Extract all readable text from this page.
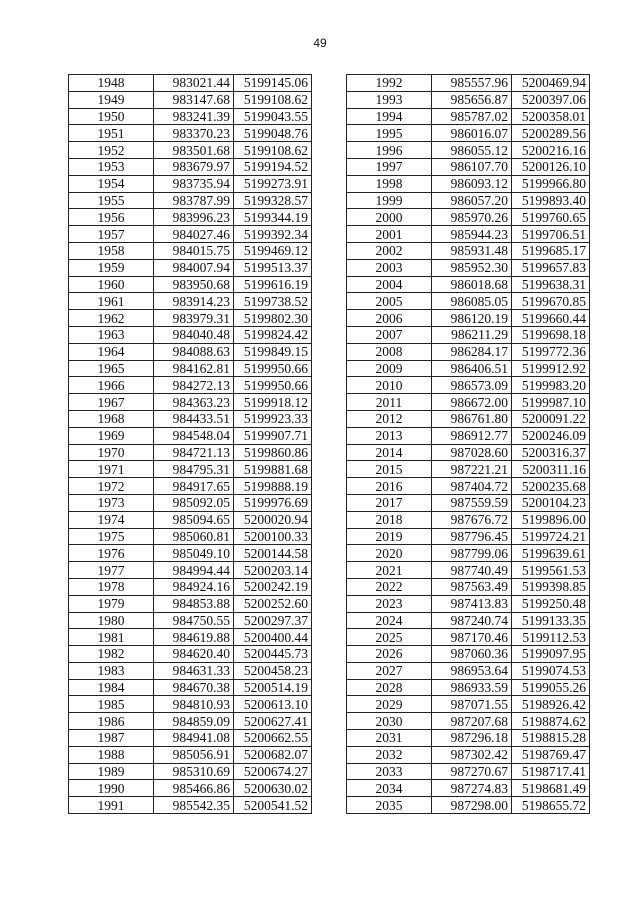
49
1948	983021.44	5199145.06
1949	983147.68	5199108.62
1950	983241.39	5199043.55
1951	983370.23	5199048.76
1952	983501.68	5199108.62
1953	983679.97	5199194.52
1954	983735.94	5199273.91
1955	983787.99	5199328.57
1956	983996.23	5199344.19
1957	984027.46	5199392.34
1958	984015.75	5199469.12
1959	984007.94	5199513.37
1960	983950.68	5199616.19
1961	983914.23	5199738.52
1962	983979.31	5199802.30
1963	984040.48	5199824.42
1964	984088.63	5199849.15
1965	984162.81	5199950.66
1966	984272.13	5199950.66
1967	984363.23	5199918.12
1968	984433.51	5199923.33
1969	984548.04	5199907.71
1970	984721.13	5199860.86
1971	984795.31	5199881.68
1972	984917.65	5199888.19
1973	985092.05	5199976.69
1974	985094.65	5200020.94
1975	985060.81	5200100.33
1976	985049.10	5200144.58
1977	984994.44	5200203.14
1978	984924.16	5200242.19
1979	984853.88	5200252.60
1980	984750.55	5200297.37
1981	984619.88	5200400.44
1982	984620.40	5200445.73
1983	984631.33	5200458.23
1984	984670.38	5200514.19
1985	984810.93	5200613.10
1986	984859.09	5200627.41
1987	984941.08	5200662.55
1988	985056.91	5200682.07
1989	985310.69	5200674.27
1990	985466.86	5200630.02
1991	985542.35	5200541.52
1992	985557.96	5200469.94
1993	985656.87	5200397.06
1994	985787.02	5200358.01
1995	986016.07	5200289.56
1996	986055.12	5200216.16
1997	986107.70	5200126.10
1998	986093.12	5199966.80
1999	986057.20	5199893.40
2000	985970.26	5199760.65
2001	985944.23	5199706.51
2002	985931.48	5199685.17
2003	985952.30	5199657.83
2004	986018.68	5199638.31
2005	986085.05	5199670.85
2006	986120.19	5199660.44
2007	986211.29	5199698.18
2008	986284.17	5199772.36
2009	986406.51	5199912.92
2010	986573.09	5199983.20
2011	986672.00	5199987.10
2012	986761.80	5200091.22
2013	986912.77	5200246.09
2014	987028.60	5200316.37
2015	987221.21	5200311.16
2016	987404.72	5200235.68
2017	987559.59	5200104.23
2018	987676.72	5199896.00
2019	987796.45	5199724.21
2020	987799.06	5199639.61
2021	987740.49	5199561.53
2022	987563.49	5199398.85
2023	987413.83	5199250.48
2024	987240.74	5199133.35
2025	987170.46	5199112.53
2026	987060.36	5199097.95
2027	986953.64	5199074.53
2028	986933.59	5199055.26
2029	987071.55	5198926.42
2030	987207.68	5198874.62
2031	987296.18	5198815.28
2032	987302.42	5198769.47
2033	987270.67	5198717.41
2034	987274.83	5198681.49
2035	987298.00	5198655.72
